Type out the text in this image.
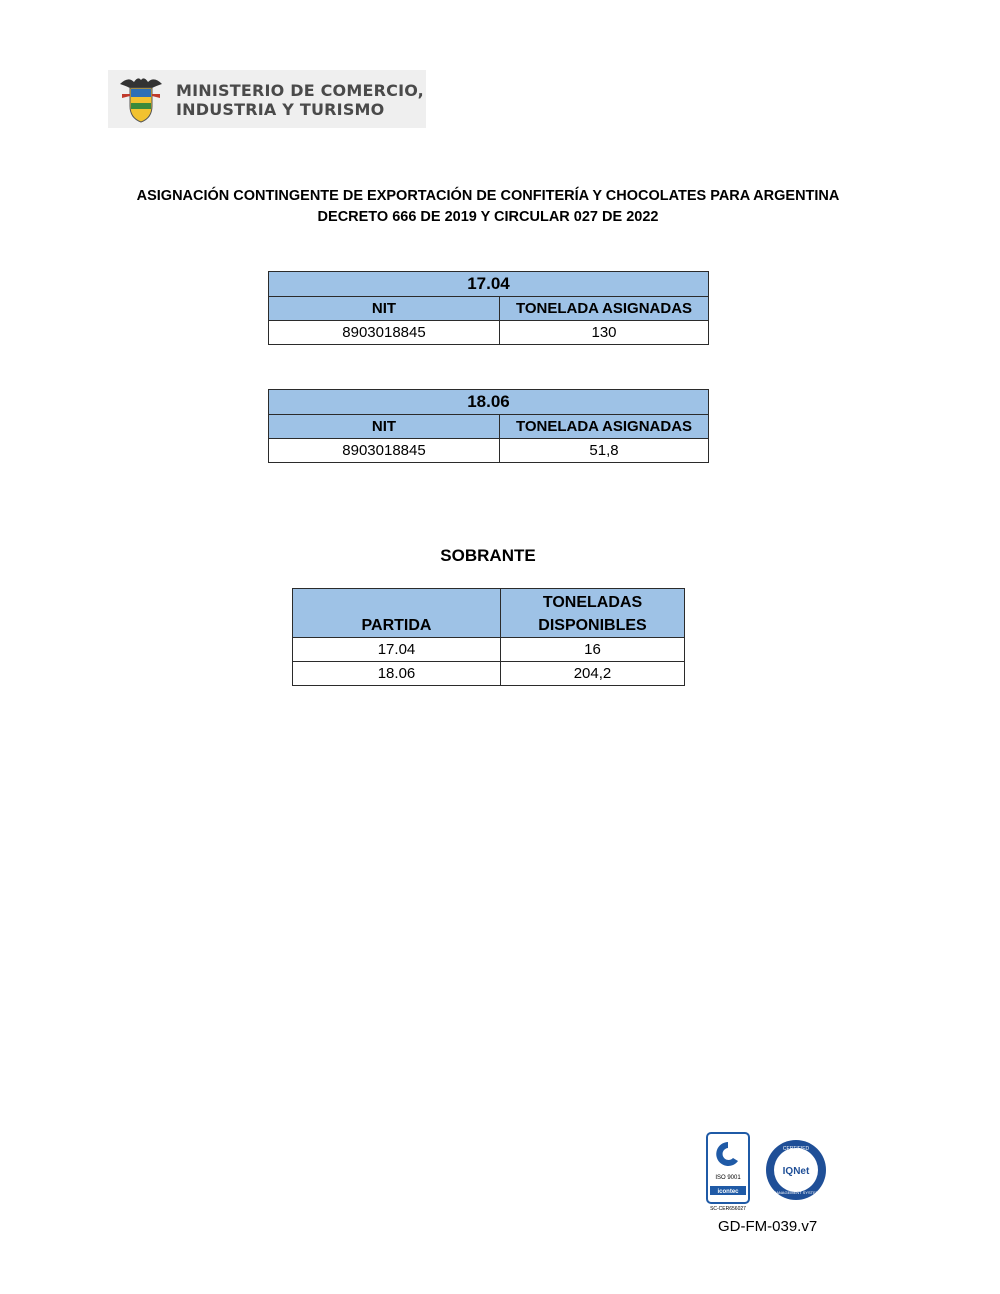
MINISTERIO DE COMERCIO,
INDUSTRIA Y TURISMO
ASIGNACIÓN CONTINGENTE DE EXPORTACIÓN DE CONFITERÍA Y CHOCOLATES PARA ARGENTINA
DECRETO 666 DE 2019 Y CIRCULAR 027 DE 2022
17.04	
NIT	TONELADA ASIGNADAS
8903018845	130
18.06	
NIT	TONELADA ASIGNADAS
8903018845	51,8
SOBRANTE
PARTIDA	TONELADAS
DISPONIBLES

17.04	16
18.06	204,2
ISO 9001
icontec
SC-CER656027
CERTIFIED
MANAGEMENT SYSTEM
IQNet
GD-FM-039.v7
